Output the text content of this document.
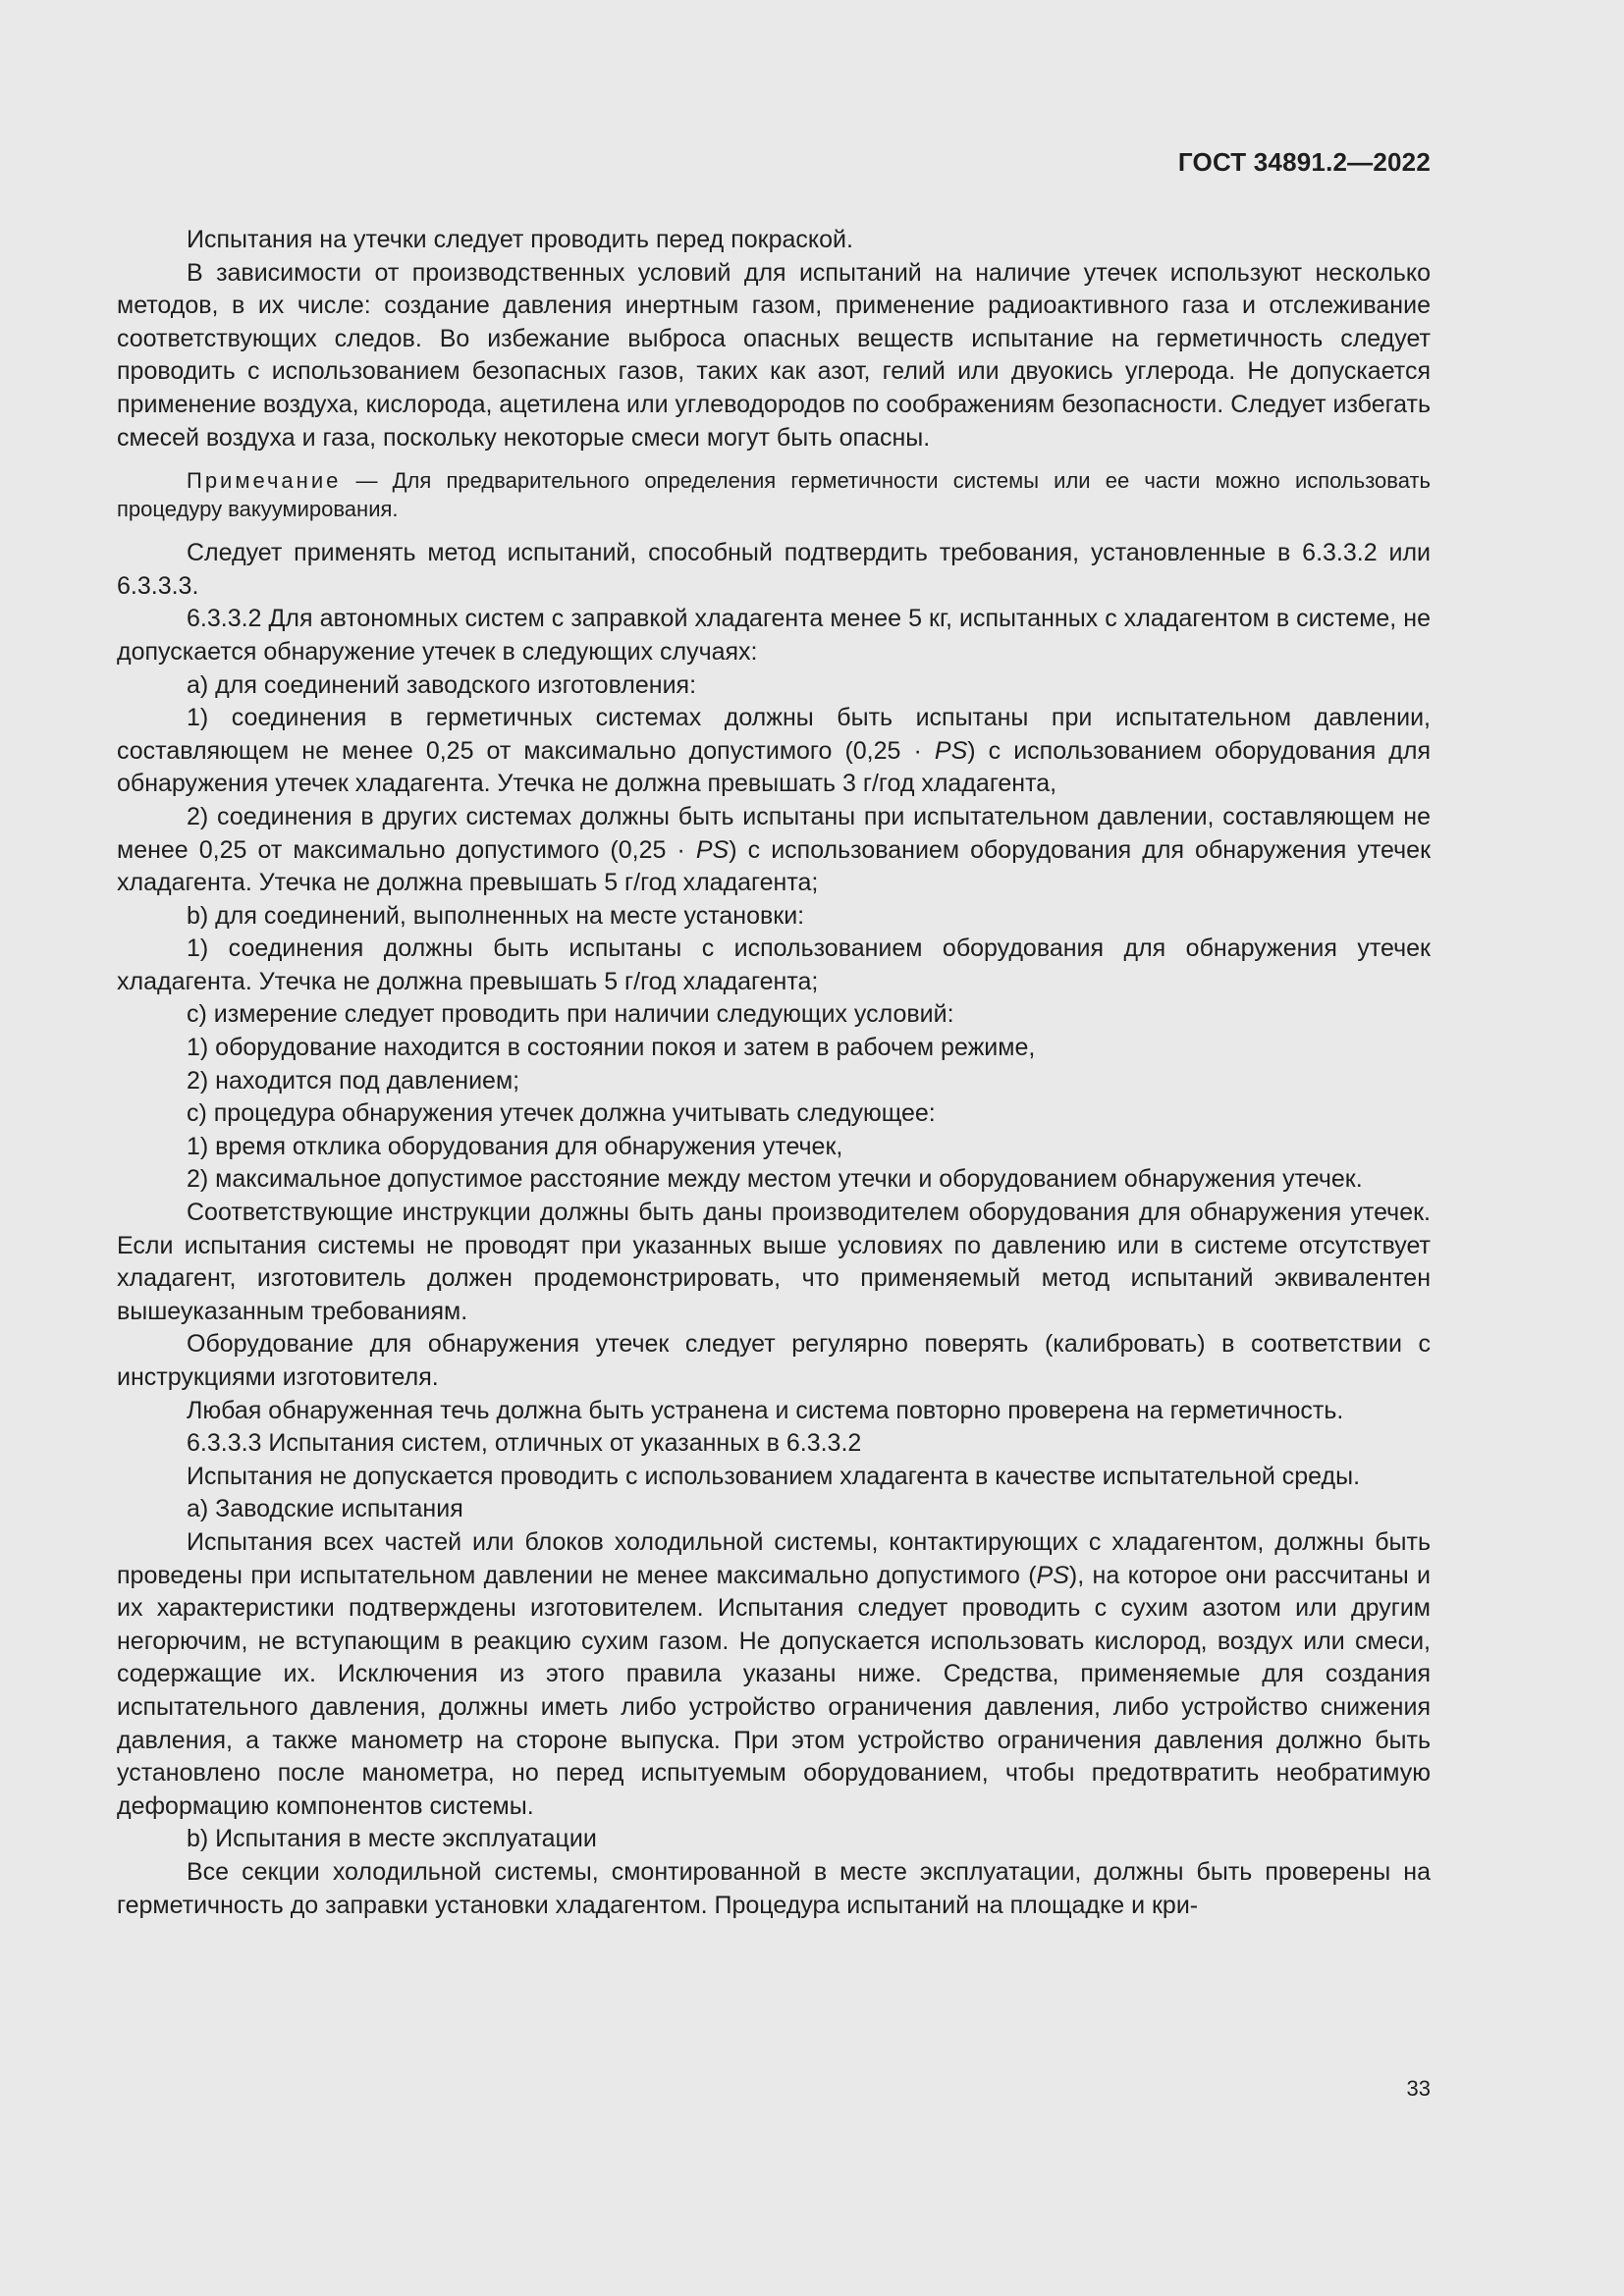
ГОСТ 34891.2—2022

Испытания на утечки следует проводить перед покраской.

В зависимости от производственных условий для испытаний на наличие утечек используют несколько методов, в их числе: создание давления инертным газом, применение радиоактивного газа и отслеживание соответствующих следов. Во избежание выброса опасных веществ испытание на герметичность следует проводить с использованием безопасных газов, таких как азот, гелий или двуокись углерода. Не допускается применение воздуха, кислорода, ацетилена или углеводородов по соображениям безопасности. Следует избегать смесей воздуха и газа, поскольку некоторые смеси могут быть опасны.

Примечание — Для предварительного определения герметичности системы или ее части можно использовать процедуру вакуумирования.

Следует применять метод испытаний, способный подтвердить требования, установленные в 6.3.3.2 или 6.3.3.3.

6.3.3.2 Для автономных систем с заправкой хладагента менее 5 кг, испытанных с хладагентом в системе, не допускается обнаружение утечек в следующих случаях:

a) для соединений заводского изготовления:

1) соединения в герметичных системах должны быть испытаны при испытательном давлении, составляющем не менее 0,25 от максимально допустимого (0,25 · PS) с использованием оборудования для обнаружения утечек хладагента. Утечка не должна превышать 3 г/год хладагента,

2) соединения в других системах должны быть испытаны при испытательном давлении, составляющем не менее 0,25 от максимально допустимого (0,25 · PS) с использованием оборудования для обнаружения утечек хладагента. Утечка не должна превышать 5 г/год хладагента;

b) для соединений, выполненных на месте установки:

1) соединения должны быть испытаны с использованием оборудования для обнаружения утечек хладагента. Утечка не должна превышать 5 г/год хладагента;

c) измерение следует проводить при наличии следующих условий:

1) оборудование находится в состоянии покоя и затем в рабочем режиме,

2) находится под давлением;

c) процедура обнаружения утечек должна учитывать следующее:

1) время отклика оборудования для обнаружения утечек,

2) максимальное допустимое расстояние между местом утечки и оборудованием обнаружения утечек.

Соответствующие инструкции должны быть даны производителем оборудования для обнаружения утечек. Если испытания системы не проводят при указанных выше условиях по давлению или в системе отсутствует хладагент, изготовитель должен продемонстрировать, что применяемый метод испытаний эквивалентен вышеуказанным требованиям.

Оборудование для обнаружения утечек следует регулярно поверять (калибровать) в соответствии с инструкциями изготовителя.

Любая обнаруженная течь должна быть устранена и система повторно проверена на герметичность.

6.3.3.3 Испытания систем, отличных от указанных в 6.3.3.2

Испытания не допускается проводить с использованием хладагента в качестве испытательной среды.

a) Заводские испытания

Испытания всех частей или блоков холодильной системы, контактирующих с хладагентом, должны быть проведены при испытательном давлении не менее максимально допустимого (PS), на которое они рассчитаны и их характеристики подтверждены изготовителем. Испытания следует проводить с сухим азотом или другим негорючим, не вступающим в реакцию сухим газом. Не допускается использовать кислород, воздух или смеси, содержащие их. Исключения из этого правила указаны ниже. Средства, применяемые для создания испытательного давления, должны иметь либо устройство ограничения давления, либо устройство снижения давления, а также манометр на стороне выпуска. При этом устройство ограничения давления должно быть установлено после манометра, но перед испытуемым оборудованием, чтобы предотвратить необратимую деформацию компонентов системы.

b) Испытания в месте эксплуатации

Все секции холодильной системы, смонтированной в месте эксплуатации, должны быть проверены на герметичность до заправки установки хладагентом. Процедура испытаний на площадке и кри-

33
